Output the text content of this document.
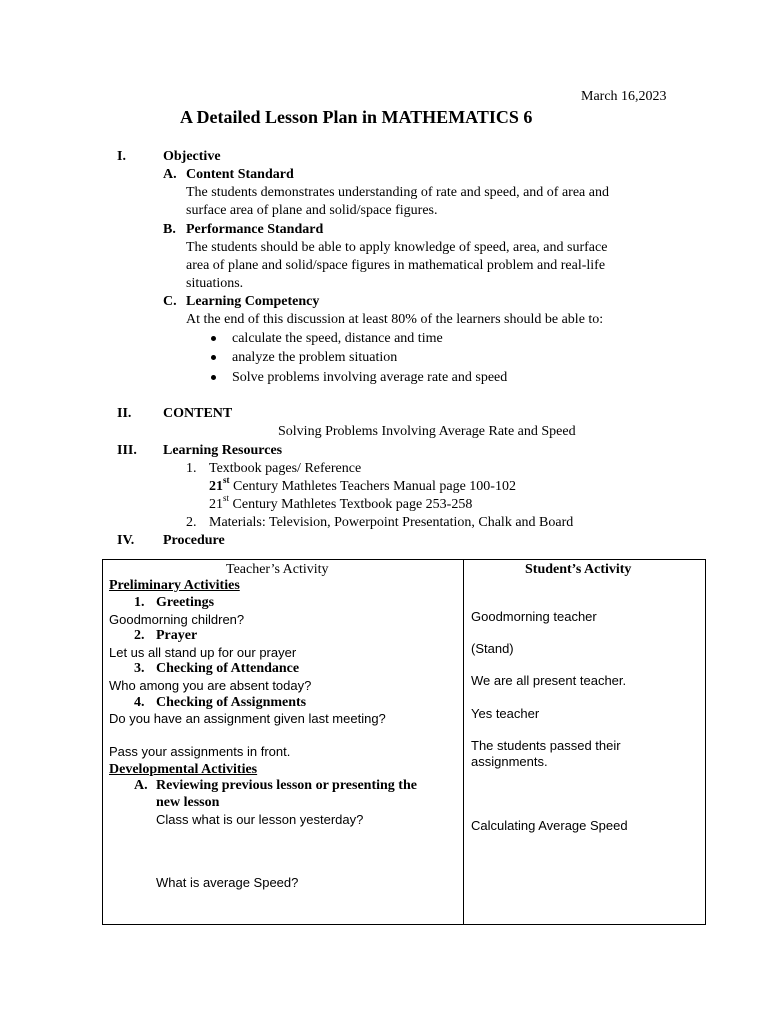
March 16,2023
A Detailed Lesson Plan in MATHEMATICS 6
I.	Objective
A. Content Standard
The students demonstrates understanding of rate and speed, and of area and
surface area of plane and solid/space figures.
B. Performance Standard
The students should be able to apply knowledge of speed, area, and surface
area of plane and solid/space figures in mathematical problem and real-life
situations.
C. Learning Competency
At the end of this discussion at least 80% of the learners should be able to:
calculate the speed, distance and time
analyze the problem situation
Solve problems involving average rate and speed
II. CONTENT
Solving Problems Involving Average Rate and Speed
III. Learning Resources
1. Textbook pages/ Reference
21st Century Mathletes Teachers Manual page 100-102
21st Century Mathletes Textbook page 253-258
2. Materials: Television, Powerpoint Presentation, Chalk and Board
IV. Procedure
Teacher’s Activity	Student’s Activity
Preliminary Activities
1. Greetings
Goodmorning children?
2. Prayer
Let us all stand up for our prayer
3. Checking of Attendance
Who among you are absent today?
4. Checking of Assignments
Do you have an assignment given last meeting?
Pass your assignments in front.
Developmental Activities
A. Reviewing previous lesson or presenting the
new lesson
Class what is our lesson yesterday?
What is average Speed?
Goodmorning teacher
(Stand)
We are all present teacher.
Yes teacher
The students passed their
assignments.
Calculating Average Speed
